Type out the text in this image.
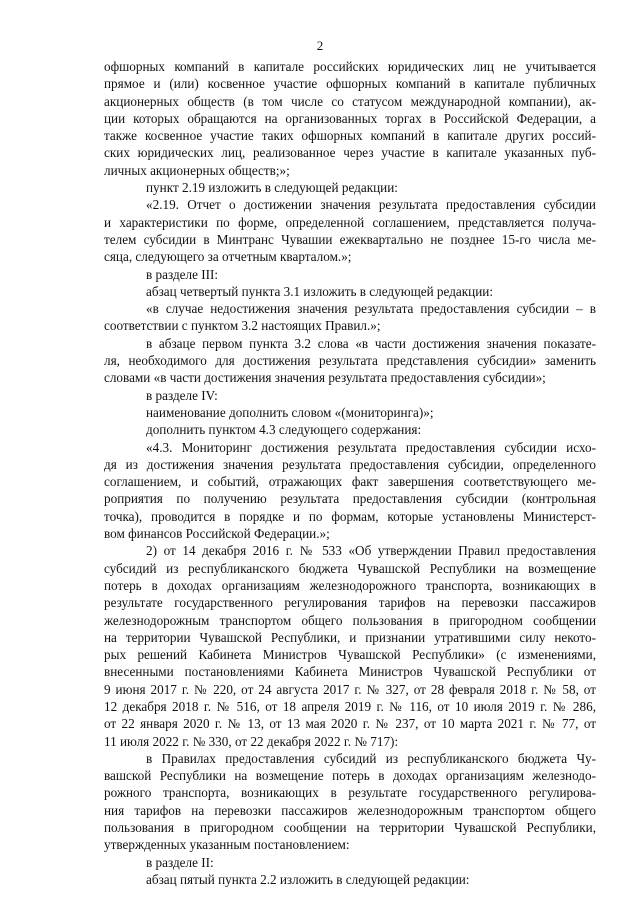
2
офшорных компаний в капитале российских юридических лиц не учитывается
прямое и (или) косвенное участие офшорных компаний в капитале публичных
акционерных обществ (в том числе со статусом международной компании), ак-
ции которых обращаются на организованных торгах в Российской Федерации, а
также косвенное участие таких офшорных компаний в капитале других россий-
ских юридических лиц, реализованное через участие в капитале указанных пуб-
личных акционерных обществ;»;
пункт 2.19 изложить в следующей редакции:
«2.19. Отчет о достижении значения результата предоставления субсидии
и характеристики по форме, определенной соглашением, представляется получа-
телем субсидии в Минтранс Чувашии ежеквартально не позднее 15-го числа ме-
сяца, следующего за отчетным кварталом.»;
в разделе III:
абзац четвертый пункта 3.1 изложить в следующей редакции:
«в случае недостижения значения результата предоставления субсидии – в
соответствии с пунктом 3.2 настоящих Правил.»;
в абзаце первом пункта 3.2 слова «в части достижения значения показате-
ля, необходимого для достижения результата представления субсидии» заменить
словами «в части достижения значения результата предоставления субсидии»;
в разделе IV:
наименование дополнить словом «(мониторинга)»;
дополнить пунктом 4.3 следующего содержания:
«4.3. Мониторинг достижения результата предоставления субсидии исхо-
дя из достижения значения результата предоставления субсидии, определенного
соглашением, и событий, отражающих факт завершения соответствующего ме-
роприятия по получению результата предоставления субсидии (контрольная
точка), проводится в порядке и по формам, которые установлены Министерст-
вом финансов Российской Федерации.»;
2) от 14 декабря 2016 г. № 533 «Об утверждении Правил предоставления
субсидий из республиканского бюджета Чувашской Республики на возмещение
потерь в доходах организациям железнодорожного транспорта, возникающих в
результате государственного регулирования тарифов на перевозки пассажиров
железнодорожным транспортом общего пользования в пригородном сообщении
на территории Чувашской Республики, и признании утратившими силу некото-
рых решений Кабинета Министров Чувашской Республики» (с изменениями,
внесенными постановлениями Кабинета Министров Чувашской Республики от
9 июня 2017 г. № 220, от 24 августа 2017 г. № 327, от 28 февраля 2018 г. № 58, от
12 декабря 2018 г. № 516, от 18 апреля 2019 г. № 116, от 10 июля 2019 г. № 286,
от 22 января 2020 г. № 13, от 13 мая 2020 г. № 237, от 10 марта 2021 г. № 77, от
11 июля 2022 г. № 330, от 22 декабря 2022 г. № 717):
в Правилах предоставления субсидий из республиканского бюджета Чу-
вашской Республики на возмещение потерь в доходах организациям железнодо-
рожного транспорта, возникающих в результате государственного регулирова-
ния тарифов на перевозки пассажиров железнодорожным транспортом общего
пользования в пригородном сообщении на территории Чувашской Республики,
утвержденных указанным постановлением:
в разделе II:
абзац пятый пункта 2.2 изложить в следующей редакции:
